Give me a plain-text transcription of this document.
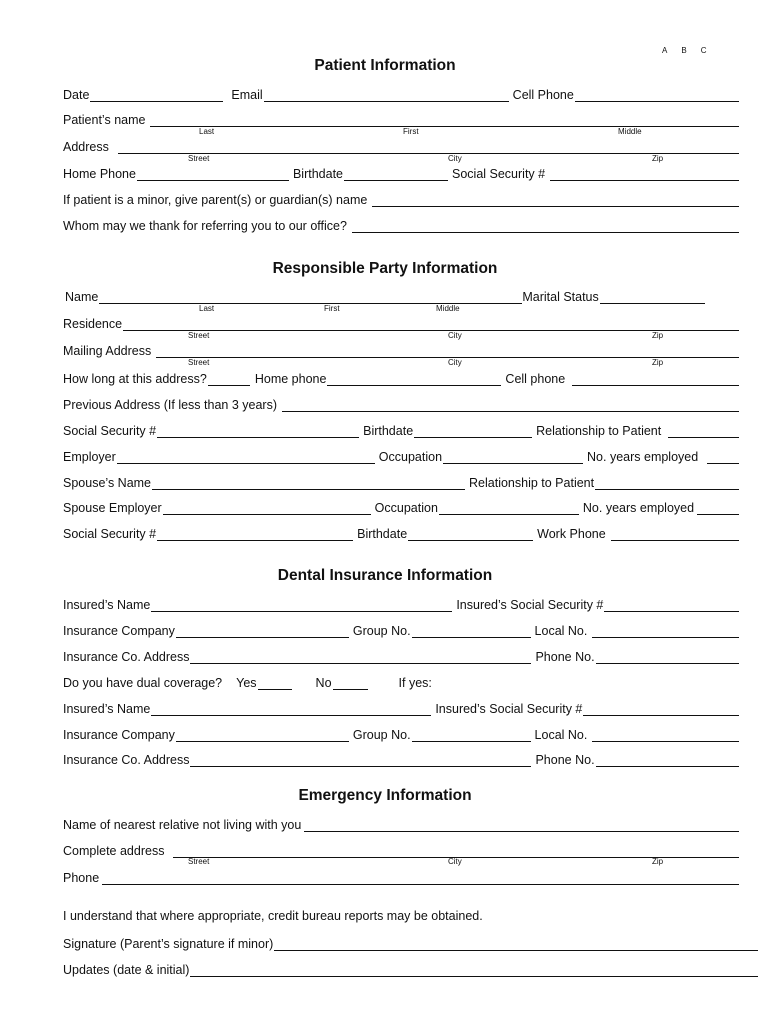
A B C
Patient Information
Date	Email	Cell Phone
Patient’s name
Last	First	Middle
Address
Street	City	Zip
Home Phone	Birthdate	Social Security #
If patient is a minor, give parent(s) or guardian(s) name
Whom may we thank for referring you to our office?
Responsible Party Information
Name	Marital Status
Last	First	Middle
Residence
Street	City	Zip
Mailing Address
Street	City	Zip
How long at this address?	Home phone	Cell phone
Previous Address (If less than 3 years)
Social Security #	Birthdate	Relationship to Patient
Employer	Occupation	No. years employed
Spouse’s Name	Relationship to Patient
Spouse Employer	Occupation	No. years employed
Social Security #	Birthdate	Work Phone
Dental Insurance Information
Insured’s Name	Insured’s Social Security #
Insurance Company	Group No.	Local No.
Insurance Co. Address	Phone No.
Do you have dual coverage? Yes	No	If yes:
Insured’s Name	Insured’s Social Security #
Insurance Company	Group No.	Local No.
Insurance Co. Address	Phone No.
Emergency Information
Name of nearest relative not living with you
Complete address
Street	City	Zip
Phone
I understand that where appropriate, credit bureau reports may be obtained.
Signature (Parent’s signature if minor)
Updates (date & initial)
